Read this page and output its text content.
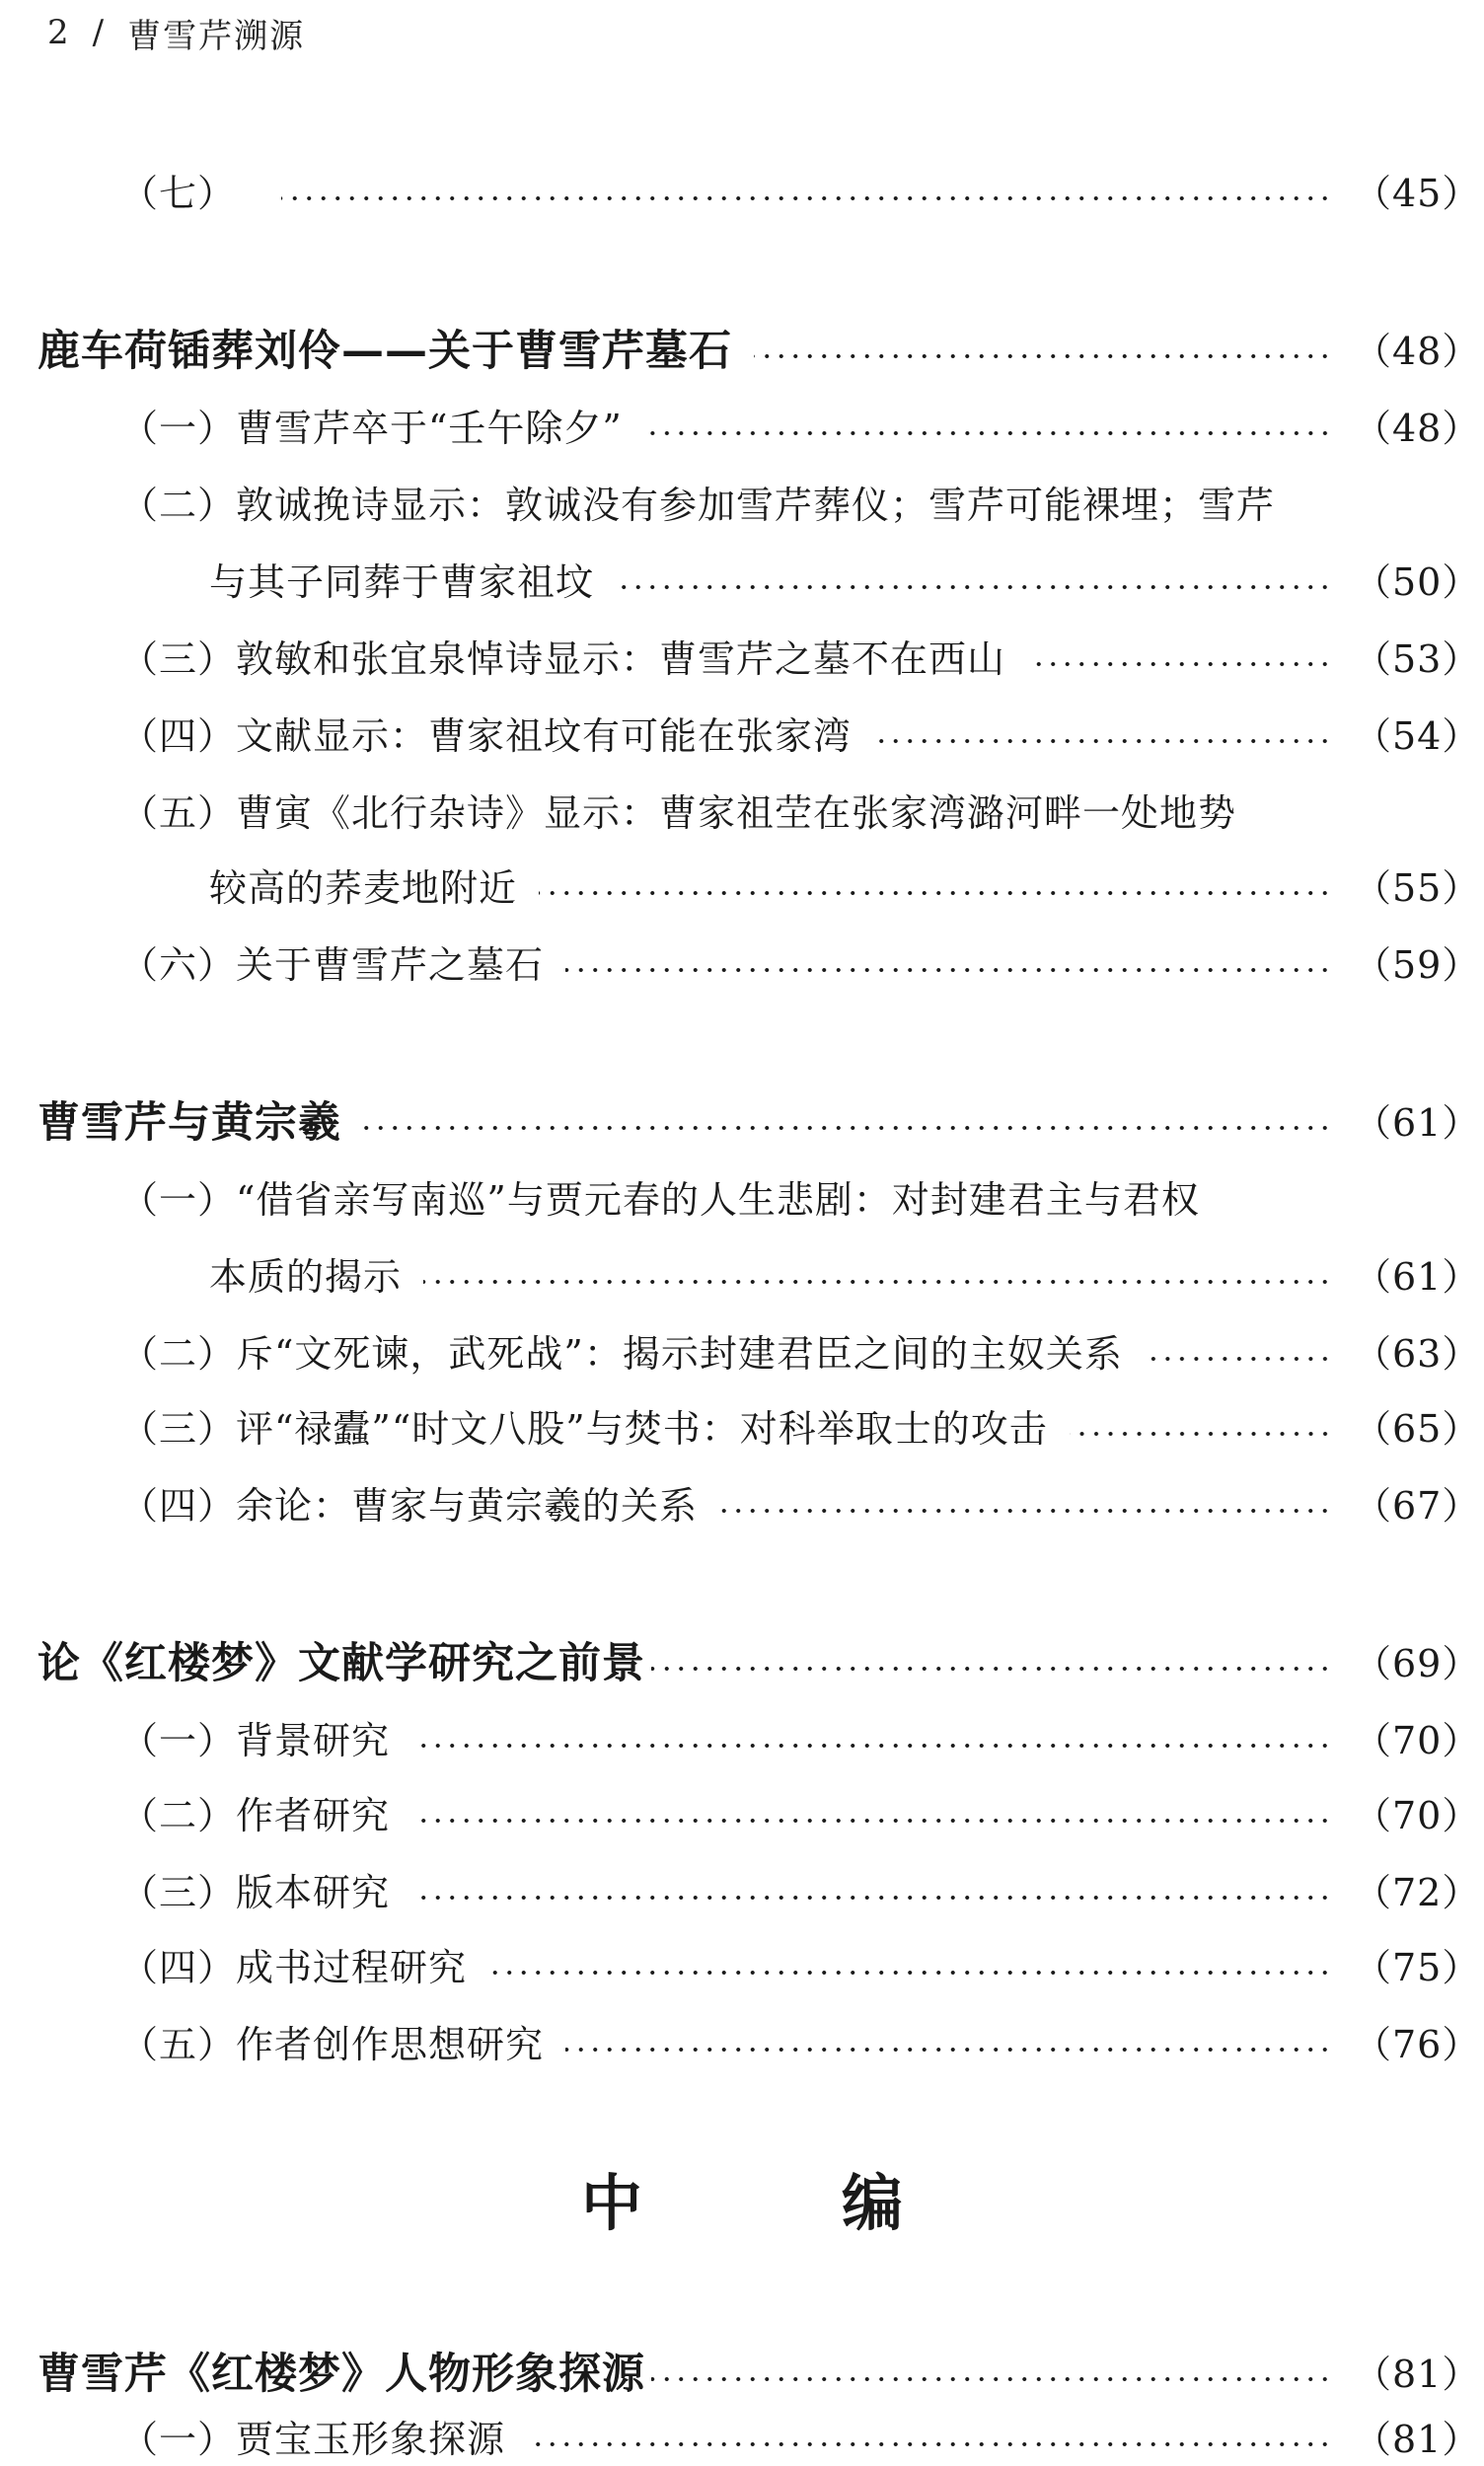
2 / 曹雪芹溯源
（七）	（45）
鹿车荷锸葬刘伶——关于曹雪芹墓石	（48）
（一）曹雪芹卒于“壬午除夕”	（48）
（二）敦诚挽诗显示：敦诚没有参加雪芹葬仪；雪芹可能裸埋；雪芹
与其子同葬于曹家祖坟	（50）
（三）敦敏和张宜泉悼诗显示：曹雪芹之墓不在西山	（53）
（四）文献显示：曹家祖坟有可能在张家湾	（54）
（五）曹寅《北行杂诗》显示：曹家祖茔在张家湾潞河畔一处地势
较高的荞麦地附近	（55）
（六）关于曹雪芹之墓石	（59）
曹雪芹与黄宗羲	（61）
（一）“借省亲写南巡”与贾元春的人生悲剧：对封建君主与君权
本质的揭示	（61）
（二）斥“文死谏，武死战”：揭示封建君臣之间的主奴关系	（63）
（三）评“禄蠹”“时文八股”与焚书：对科举取士的攻击	（65）
（四）余论：曹家与黄宗羲的关系	（67）
论《红楼梦》文献学研究之前景	（69）
（一）背景研究	（70）
（二）作者研究	（70）
（三）版本研究	（72）
（四）成书过程研究	（75）
（五）作者创作思想研究	（76）
中　编
曹雪芹《红楼梦》人物形象探源	（81）
（一）贾宝玉形象探源	（81）
